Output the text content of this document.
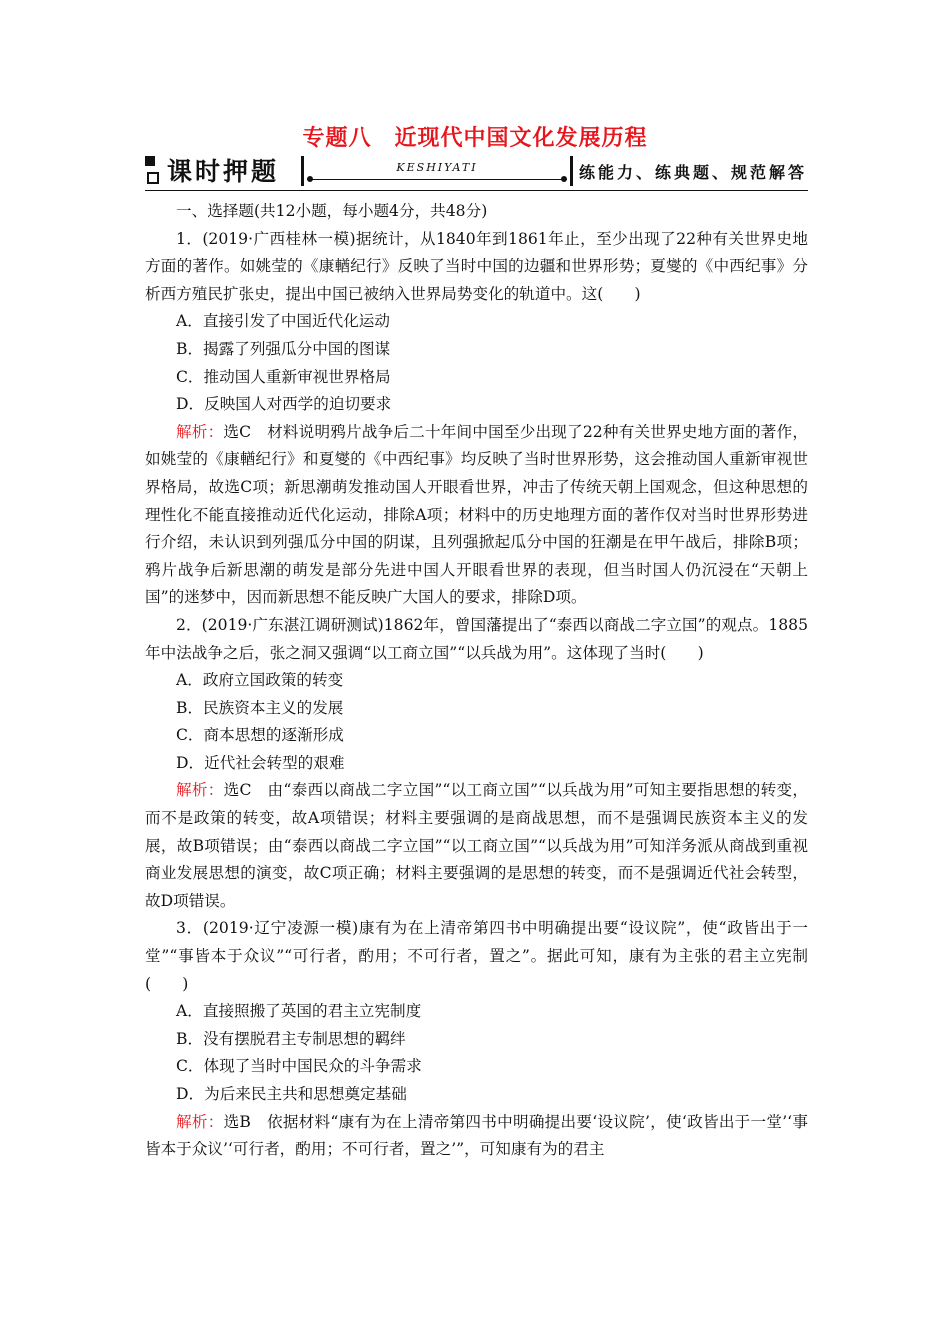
专题八　近现代中国文化发展历程
课时押题	KESHIYATI	练能力、练典题、规范解答

一、选择题(共12小题，每小题4分，共48分)

1．(2019·广西桂林一模)据统计，从1840年到1861年止，至少出现了22种有关世界史地方面的著作。如姚莹的《康輶纪行》反映了当时中国的边疆和世界形势；夏燮的《中西纪事》分析西方殖民扩张史，提出中国已被纳入世界局势变化的轨道中。这(　　)

A．直接引发了中国近代化运动

B．揭露了列强瓜分中国的图谋

C．推动国人重新审视世界格局

D．反映国人对西学的迫切要求

解析：选C　材料说明鸦片战争后二十年间中国至少出现了22种有关世界史地方面的著作，如姚莹的《康輶纪行》和夏燮的《中西纪事》均反映了当时世界形势，这会推动国人重新审视世界格局，故选C项；新思潮萌发推动国人开眼看世界，冲击了传统天朝上国观念，但这种思想的理性化不能直接推动近代化运动，排除A项；材料中的历史地理方面的著作仅对当时世界形势进行介绍，未认识到列强瓜分中国的阴谋，且列强掀起瓜分中国的狂潮是在甲午战后，排除B项；鸦片战争后新思潮的萌发是部分先进中国人开眼看世界的表现，但当时国人仍沉浸在“天朝上国”的迷梦中，因而新思想不能反映广大国人的要求，排除D项。

2．(2019·广东湛江调研测试)1862年，曾国藩提出了“泰西以商战二字立国”的观点。1885年中法战争之后，张之洞又强调“以工商立国”“以兵战为用”。这体现了当时(　　)

A．政府立国政策的转变

B．民族资本主义的发展

C．商本思想的逐渐形成

D．近代社会转型的艰难

解析：选C　由“泰西以商战二字立国”“以工商立国”“以兵战为用”可知主要指思想的转变，而不是政策的转变，故A项错误；材料主要强调的是商战思想，而不是强调民族资本主义的发展，故B项错误；由“泰西以商战二字立国”“以工商立国”“以兵战为用”可知洋务派从商战到重视商业发展思想的演变，故C项正确；材料主要强调的是思想的转变，而不是强调近代社会转型，故D项错误。

3．(2019·辽宁凌源一模)康有为在上清帝第四书中明确提出要“设议院”，使“政皆出于一堂”“事皆本于众议”“可行者，酌用；不可行者，置之”。据此可知，康有为主张的君主立宪制(　　)

A．直接照搬了英国的君主立宪制度

B．没有摆脱君主专制思想的羁绊

C．体现了当时中国民众的斗争需求

D．为后来民主共和思想奠定基础

解析：选B　依据材料“康有为在上清帝第四书中明确提出要‘设议院’，使‘政皆出于一堂’‘事皆本于众议’‘可行者，酌用；不可行者，置之’”，可知康有为的君主
